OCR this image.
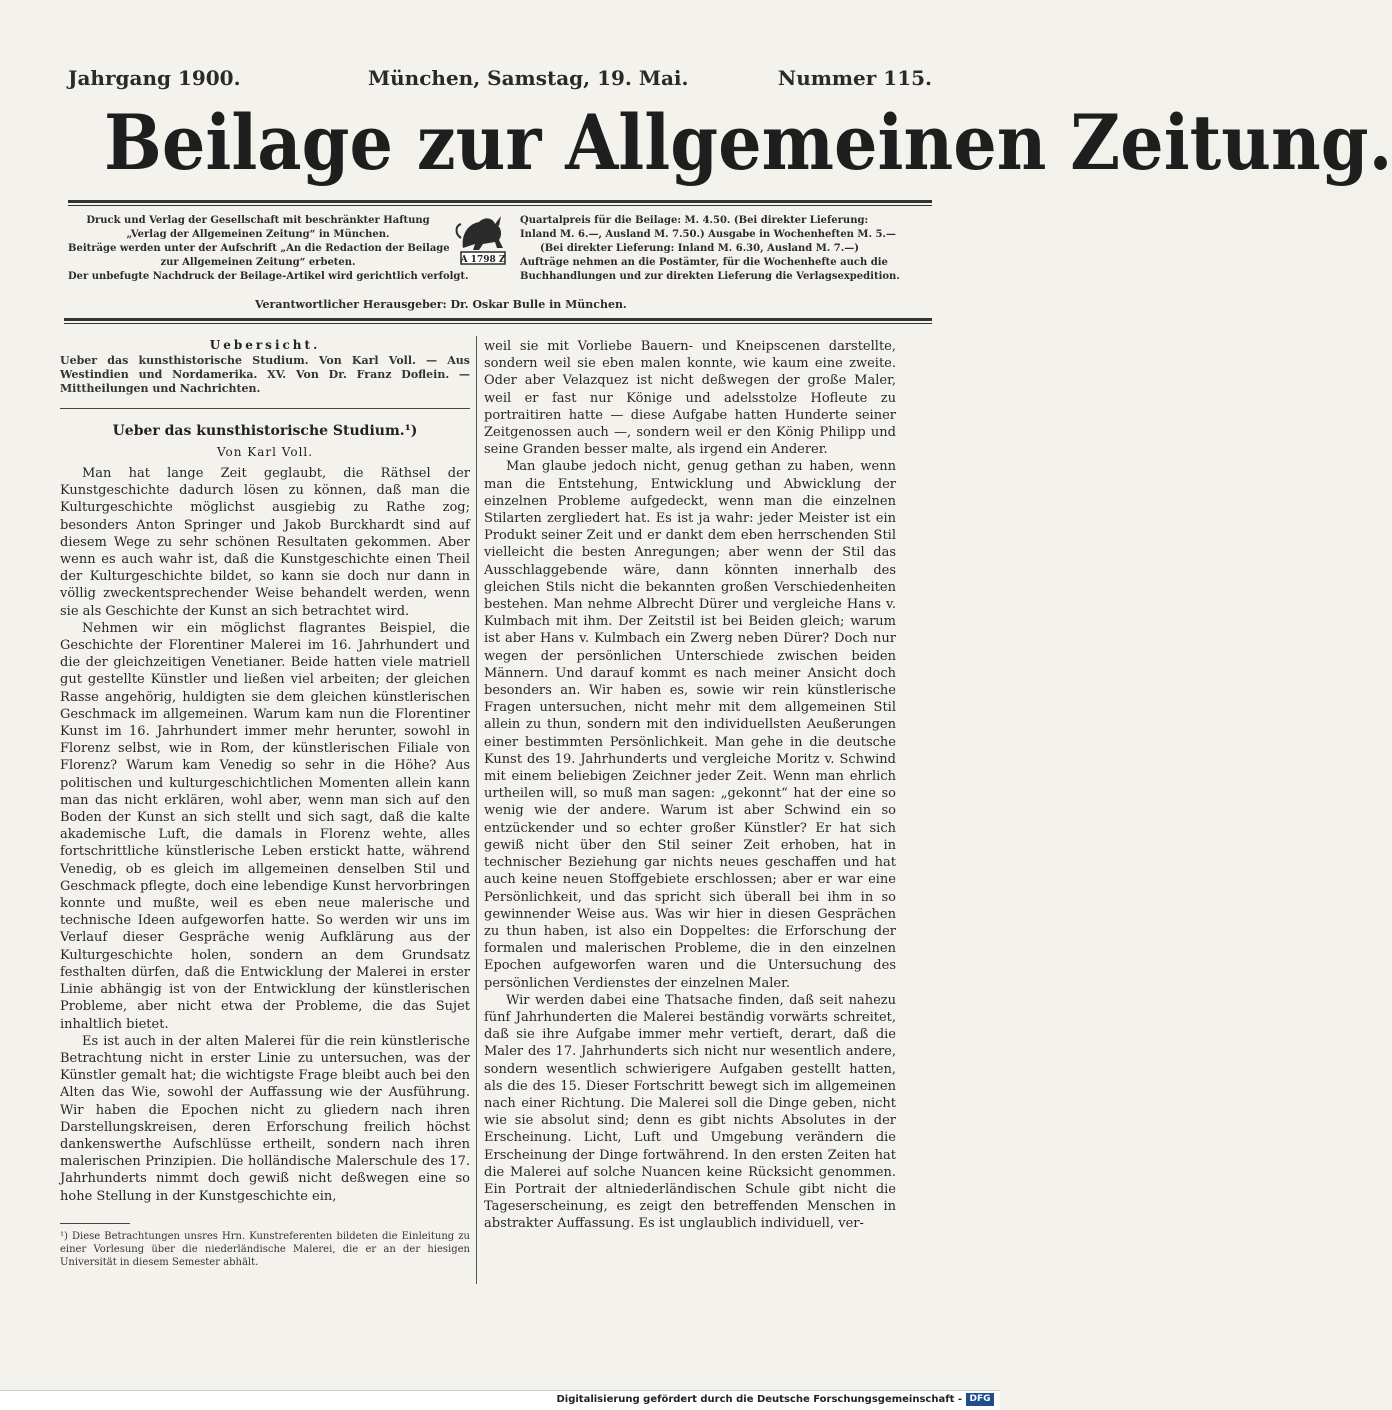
Jahrgang 1900.	München, Samstag, 19. Mai.	Nummer 115.
Beilage zur Allgemeinen Zeitung.
Druck und Verlag der Gesellschaft mit beschränkter Haftung
„Verlag der Allgemeinen Zeitung“ in München.
Beiträge werden unter der Aufschrift „An die Redaction der Beilage
zur Allgemeinen Zeitung“ erbeten.
Der unbefugte Nachdruck der Beilage-Artikel wird gerichtlich verfolgt.
A 1798 Z
Quartalpreis für die Beilage: M. 4.50. (Bei direkter Lieferung:
Inland M. 6.—, Ausland M. 7.50.) Ausgabe in Wochenheften M. 5.—
(Bei direkter Lieferung: Inland M. 6.30, Ausland M. 7.—)
Aufträge nehmen an die Postämter, für die Wochenhefte auch die
Buchhandlungen und zur direkten Lieferung die Verlagsexpedition.
Verantwortlicher Herausgeber: Dr. Oskar Bulle in München.
Uebersicht.
Ueber das kunsthistorische Studium. Von Karl Voll. — Aus Westindien und Nordamerika. XV. Von Dr. Franz Doflein. — Mittheilungen und Nachrichten.
Ueber das kunsthistorische Studium.¹)
Von Karl Voll.

Man hat lange Zeit geglaubt, die Räthsel der Kunstgeschichte dadurch lösen zu können, daß man die Kulturgeschichte möglichst ausgiebig zu Rathe zog; besonders Anton Springer und Jakob Burckhardt sind auf diesem Wege zu sehr schönen Resultaten gekommen. Aber wenn es auch wahr ist, daß die Kunstgeschichte einen Theil der Kulturgeschichte bildet, so kann sie doch nur dann in völlig zweckentsprechender Weise behandelt werden, wenn sie als Geschichte der Kunst an sich betrachtet wird.

Nehmen wir ein möglichst flagrantes Beispiel, die Geschichte der Florentiner Malerei im 16. Jahrhundert und die der gleichzeitigen Venetianer. Beide hatten viele matriell gut gestellte Künstler und ließen viel arbeiten; der gleichen Rasse angehörig, huldigten sie dem gleichen künstlerischen Geschmack im allgemeinen. Warum kam nun die Florentiner Kunst im 16. Jahrhundert immer mehr herunter, sowohl in Florenz selbst, wie in Rom, der künstlerischen Filiale von Florenz? Warum kam Venedig so sehr in die Höhe? Aus politischen und kulturgeschichtlichen Momenten allein kann man das nicht erklären, wohl aber, wenn man sich auf den Boden der Kunst an sich stellt und sich sagt, daß die kalte akademische Luft, die damals in Florenz wehte, alles fortschrittliche künstlerische Leben erstickt hatte, während Venedig, ob es gleich im allgemeinen denselben Stil und Geschmack pflegte, doch eine lebendige Kunst hervorbringen konnte und mußte, weil es eben neue malerische und technische Ideen aufgeworfen hatte. So werden wir uns im Verlauf dieser Gespräche wenig Aufklärung aus der Kulturgeschichte holen, sondern an dem Grundsatz festhalten dürfen, daß die Entwicklung der Malerei in erster Linie abhängig ist von der Entwicklung der künstlerischen Probleme, aber nicht etwa der Probleme, die das Sujet inhaltlich bietet.

Es ist auch in der alten Malerei für die rein künstlerische Betrachtung nicht in erster Linie zu untersuchen, was der Künstler gemalt hat; die wichtigste Frage bleibt auch bei den Alten das Wie, sowohl der Auffassung wie der Ausführung. Wir haben die Epochen nicht zu gliedern nach ihren Darstellungskreisen, deren Erforschung freilich höchst dankenswerthe Aufschlüsse ertheilt, sondern nach ihren malerischen Prinzipien. Die holländische Malerschule des 17. Jahrhunderts nimmt doch gewiß nicht deßwegen eine so hohe Stellung in der Kunstgeschichte ein,

¹) Diese Betrachtungen unsres Hrn. Kunstreferenten bildeten die Einleitung zu einer Vorlesung über die niederländische Malerei, die er an der hiesigen Universität in diesem Semester abhält.

weil sie mit Vorliebe Bauern- und Kneipscenen darstellte, sondern weil sie eben malen konnte, wie kaum eine zweite. Oder aber Velazquez ist nicht deßwegen der große Maler, weil er fast nur Könige und adelsstolze Hofleute zu portraitiren hatte — diese Aufgabe hatten Hunderte seiner Zeitgenossen auch —, sondern weil er den König Philipp und seine Granden besser malte, als irgend ein Anderer.

Man glaube jedoch nicht, genug gethan zu haben, wenn man die Entstehung, Entwicklung und Abwicklung der einzelnen Probleme aufgedeckt, wenn man die einzelnen Stilarten zergliedert hat. Es ist ja wahr: jeder Meister ist ein Produkt seiner Zeit und er dankt dem eben herrschenden Stil vielleicht die besten Anregungen; aber wenn der Stil das Ausschlaggebende wäre, dann könnten innerhalb des gleichen Stils nicht die bekannten großen Verschiedenheiten bestehen. Man nehme Albrecht Dürer und vergleiche Hans v. Kulmbach mit ihm. Der Zeitstil ist bei Beiden gleich; warum ist aber Hans v. Kulmbach ein Zwerg neben Dürer? Doch nur wegen der persönlichen Unterschiede zwischen beiden Männern. Und darauf kommt es nach meiner Ansicht doch besonders an. Wir haben es, sowie wir rein künstlerische Fragen untersuchen, nicht mehr mit dem allgemeinen Stil allein zu thun, sondern mit den individuellsten Aeußerungen einer bestimmten Persönlichkeit. Man gehe in die deutsche Kunst des 19. Jahrhunderts und vergleiche Moritz v. Schwind mit einem beliebigen Zeichner jeder Zeit. Wenn man ehrlich urtheilen will, so muß man sagen: „gekonnt“ hat der eine so wenig wie der andere. Warum ist aber Schwind ein so entzückender und so echter großer Künstler? Er hat sich gewiß nicht über den Stil seiner Zeit erhoben, hat in technischer Beziehung gar nichts neues geschaffen und hat auch keine neuen Stoffgebiete erschlossen; aber er war eine Persönlichkeit, und das spricht sich überall bei ihm in so gewinnender Weise aus. Was wir hier in diesen Gesprächen zu thun haben, ist also ein Doppeltes: die Erforschung der formalen und malerischen Probleme, die in den einzelnen Epochen aufgeworfen waren und die Untersuchung des persönlichen Verdienstes der einzelnen Maler.

Wir werden dabei eine Thatsache finden, daß seit nahezu fünf Jahrhunderten die Malerei beständig vorwärts schreitet, daß sie ihre Aufgabe immer mehr vertieft, derart, daß die Maler des 17. Jahrhunderts sich nicht nur wesentlich andere, sondern wesentlich schwierigere Aufgaben gestellt hatten, als die des 15. Dieser Fortschritt bewegt sich im allgemeinen nach einer Richtung. Die Malerei soll die Dinge geben, nicht wie sie absolut sind; denn es gibt nichts Absolutes in der Erscheinung. Licht, Luft und Umgebung verändern die Erscheinung der Dinge fortwährend. In den ersten Zeiten hat die Malerei auf solche Nuancen keine Rücksicht genommen. Ein Portrait der altniederländischen Schule gibt nicht die Tageserscheinung, es zeigt den betreffenden Menschen in abstrakter Auffassung. Es ist unglaublich individuell, ver-

Digitalisierung gefördert durch die Deutsche Forschungsgemeinschaft - DFG
